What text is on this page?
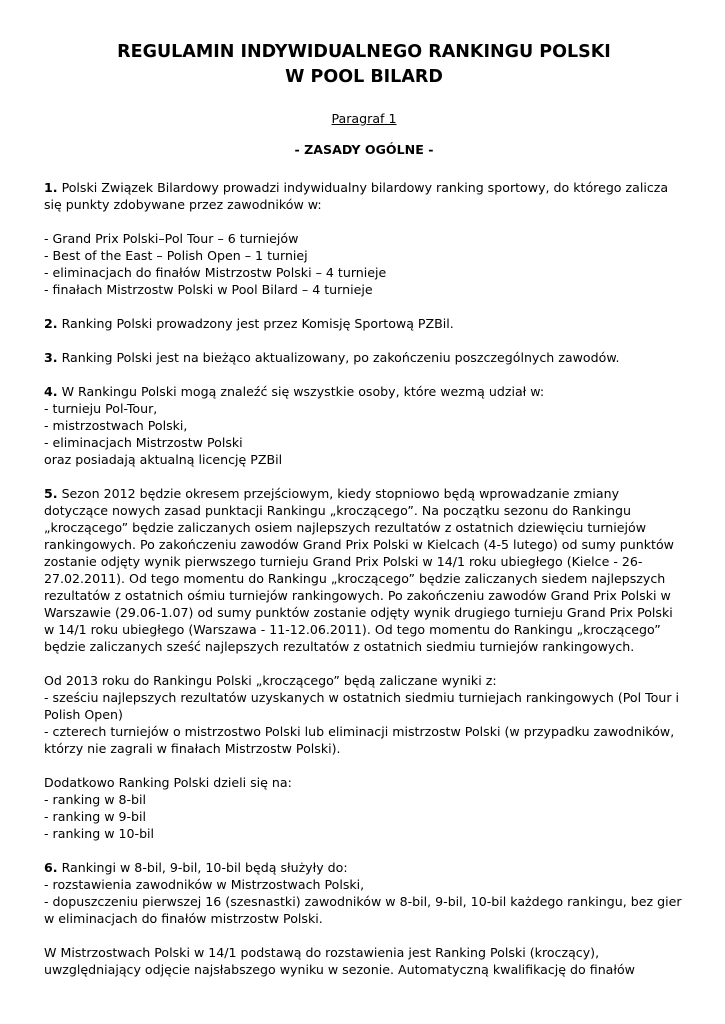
REGULAMIN INDYWIDUALNEGO RANKINGU POLSKI

W POOL BILARD

Paragraf 1
- ZASADY OGÓLNE -
1. Polski Związek Bilardowy prowadzi indywidualny bilardowy ranking sportowy, do którego zalicza się punkty zdobywane przez zawodników w:
- Grand Prix Polski–Pol Tour – 6 turniejów
- Best of the East – Polish Open – 1 turniej
- eliminacjach do finałów Mistrzostw Polski – 4 turnieje
- finałach Mistrzostw Polski w Pool Bilard – 4 turnieje
2. Ranking Polski prowadzony jest przez Komisję Sportową PZBil.
3. Ranking Polski jest na bieżąco aktualizowany, po zakończeniu poszczególnych zawodów.
4. W Rankingu Polski mogą znaleźć się wszystkie osoby, które wezmą udział w:
- turnieju Pol-Tour,
- mistrzostwach Polski,
- eliminacjach Mistrzostw Polski
oraz posiadają aktualną licencję PZBil
5. Sezon 2012 będzie okresem przejściowym, kiedy stopniowo będą wprowadzanie zmiany dotyczące nowych zasad punktacji Rankingu „kroczącego”. Na początku sezonu do Rankingu „kroczącego” będzie zaliczanych osiem najlepszych rezultatów z ostatnich dziewięciu turniejów rankingowych. Po zakończeniu zawodów Grand Prix Polski w Kielcach (4-5 lutego) od sumy punktów zostanie odjęty wynik pierwszego turnieju Grand Prix Polski w 14/1 roku ubiegłego (Kielce - 26-27.02.2011). Od tego momentu do Rankingu „kroczącego” będzie zaliczanych siedem najlepszych rezultatów z ostatnich ośmiu turniejów rankingowych. Po zakończeniu zawodów Grand Prix Polski w Warszawie (29.06-1.07) od sumy punktów zostanie odjęty wynik drugiego turnieju Grand Prix Polski w 14/1 roku ubiegłego (Warszawa - 11-12.06.2011). Od tego momentu do Rankingu „kroczącego” będzie zaliczanych sześć najlepszych rezultatów z ostatnich siedmiu turniejów rankingowych.
Od 2013 roku do Rankingu Polski „kroczącego” będą zaliczane wyniki z:
- sześciu najlepszych rezultatów uzyskanych w ostatnich siedmiu turniejach rankingowych (Pol Tour i Polish Open)
- czterech turniejów o mistrzostwo Polski lub eliminacji mistrzostw Polski (w przypadku zawodników, którzy nie zagrali w finałach Mistrzostw Polski).
Dodatkowo Ranking Polski dzieli się na:
- ranking w 8-bil
- ranking w 9-bil
- ranking w 10-bil
6. Rankingi w 8-bil, 9-bil, 10-bil będą służyły do:
- rozstawienia zawodników w Mistrzostwach Polski,
- dopuszczeniu pierwszej 16 (szesnastki) zawodników w 8-bil, 9-bil, 10-bil każdego rankingu, bez gier w eliminacjach do finałów mistrzostw Polski.
W Mistrzostwach Polski w 14/1 podstawą do rozstawienia jest Ranking Polski (kroczący), uwzględniający odjęcie najsłabszego wyniku w sezonie. Automatyczną kwalifikację do finałów
